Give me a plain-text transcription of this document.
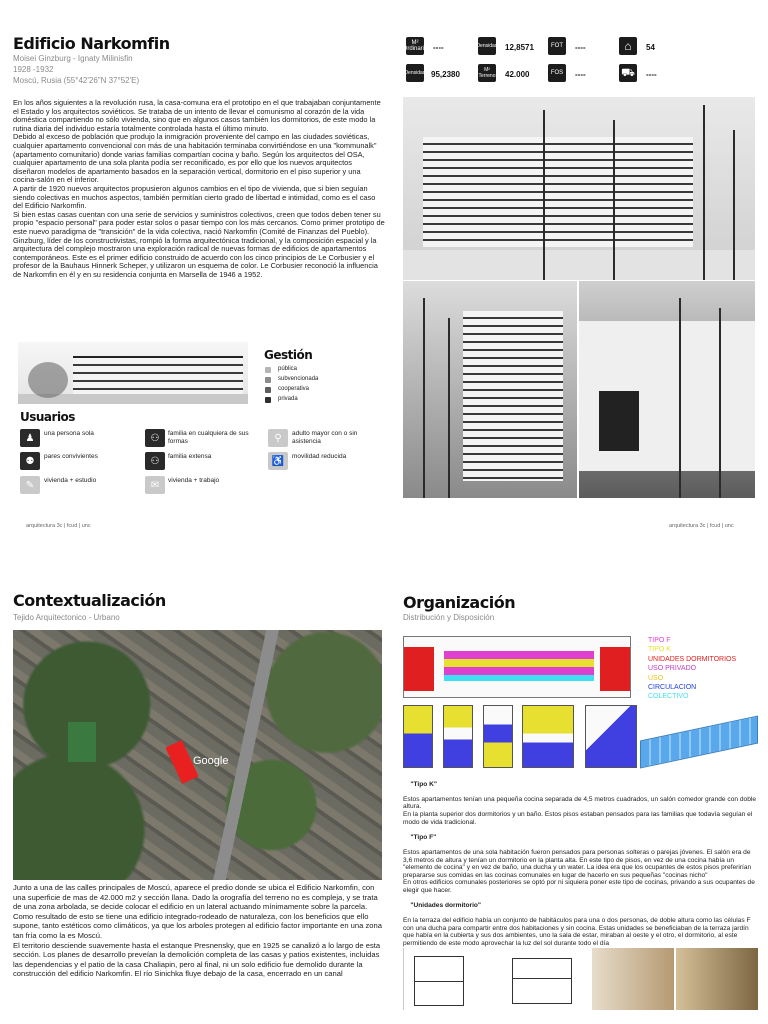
Edificio Narkomfin
Moisei Ginzburg - Ignaty Milinisfin
1928 -1932
Moscú, Rusia (55°42'26"N 37°52'E)
En los años siguientes a la revolución rusa, la casa-comuna era el prototipo en el que trabajaban conjuntamente el Estado y los arquitectos soviéticos. Se trataba de un intento de llevar el comunismo al corazón de la vida doméstica compartiendo no sólo vivienda, sino que en algunos casos también los dormitorios, de este modo la rutina diaria del individuo estaría totalmente controlada hasta el último minuto.
Debido al exceso de población que produjo la inmigración proveniente del campo en las ciudades soviéticas, cualquier apartamento convencional con más de una habitación terminaba convirtiéndose en una "kommunalk" (apartamento comunitario) donde varias familias compartían cocina y baño. Según los arquitectos del OSA, cualquier apartamento de una sola planta podía ser reconificado, es por ello que los nuevos arquitectos diseñaron modelos de apartamento basados en la separación vertical, dormitorio en el piso superior y una cocina-salón en el inferior.
A partir de 1920 nuevos arquitectos propusieron algunos cambios en el tipo de vivienda, que si bien seguían siendo colectivas en muchos aspectos, también permitían cierto grado de libertad e intimidad, como es el caso del Edificio Narkomfin.
Si bien estas casas cuentan con una serie de servicios y suministros colectivos, creen que todos deben tener su propio "espacio personal" para poder estar solos o pasar tiempo con los más cercanos. Como primer prototipo de este nuevo paradigma de "transición" de la vida colectiva, nació Narkomfin (Comité de Finanzas del Pueblo). Ginzburg, líder de los constructivistas, rompió la forma arquitectónica tradicional, y la composición espacial y la arquitectura del complejo mostraron una exploración radical de nuevas formas de edificios de apartamentos contemporáneos. Este es el primer edificio construido de acuerdo con los cinco principios de Le Corbusier y el profesor de la Bauhaus Hinnerk Scheper, y utilizaron un esquema de color. Le Corbusier reconoció la influencia de Narkomfin en él y en su residencia conjunta en Marsella de 1946 a 1952.
Gestión
pública
subvencionada
cooperativa
privada
Usuarios
♟	una persona sola	⚇	familia en cualquiera de sus formas	⚲	adulto mayor con o sin asistencia
⚉	pares convivientes	⚇	familia extensa	♿	movilidad reducida
✎	vivienda + estudio	✉	vivienda + trabajo
arquitectura 3c | fcud | unc	arquitectura 3c | fcud | unc
M² Ordinario ----	Densidad 12,8571	FOT	----	⌂	54
Densidad 95,2380	M² Terreno 42.000	FOS	----	⛟ ----
Contextualización
Tejido Arquitectonico - Urbano
Google
Junto a una de las calles principales de Moscú, aparece el predio donde se ubica el Edificio Narkomfin, con una superficie de mas de 42.000 m2 y sección llana. Dado la orografía del terreno no es compleja, y se trata de una zona arbolada, se decide colocar el edificio en un lateral actuando mínimamente sobre la parcela. Como resultado de esto se tiene una edificio integrado-rodeado de naturaleza, con los beneficios que ello supone, tanto estéticos como climáticos, ya que los arboles protegen al edificio factor importante en una zona tan fría como la es Moscú.
El territorio desciende suavemente hasta el estanque Presnensky, que en 1925 se canalizó a lo largo de esta sección. Los planes de desarrollo preveían la demolición completa de las casas y patios existentes, incluidas las dependencias y el patio de la casa Chaliapin, pero al final, ni un solo edificio fue demolido durante la construcción del edificio Narkomfin. El río Sinichka fluye debajo de la casa, encerrado en un canal
Organización
Distribución y Disposición
TIPO F
TIPO K
UNIDADES DORMITORIOS
USO PRIVADO
USO
CIRCULACION
COLECTIVO

"Tipo K"

Estos apartamentos tenían una pequeña cocina separada de 4,5 metros cuadrados, un salón comedor grande con doble altura.
En la planta superior dos dormitorios y un baño. Estos pisos estaban pensados para las familias que todavía seguían el modo de vida tradicional.

"Tipo F"

Estos apartamentos de una sola habitación fueron pensados para personas solteras o parejas jóvenes. El salón era de 3,6 metros de altura y tenían un dormitorio en la planta alta. En este tipo de pisos, en vez de una cocina había un "elemento de cocina" y en vez de baño, una ducha y un water. La idea era que los ocupantes de estos pisos preferirían prepararse sus comidas en las cocinas comunales en lugar de hacerlo en sus pequeñas "cocinas nicho"
En otros edificios comunales posteriores se optó por ni siquiera poner este tipo de cocinas, privando a sus ocupantes de elegir que hacer.

"Unidades dormitorio"

En la terraza del edificio había un conjunto de habitáculos para una o dos personas, de doble altura como las células F con una ducha para compartir entre dos habitaciones y sin cocina. Estas unidades se beneficiaban de la terraza jardín que había en la cubierta y sus dos ambientes, uno la sala de estar, miraban al oeste y el otro, el dormitorio, al este permitiendo de este modo aprovechar la luz del sol durante todo el día
